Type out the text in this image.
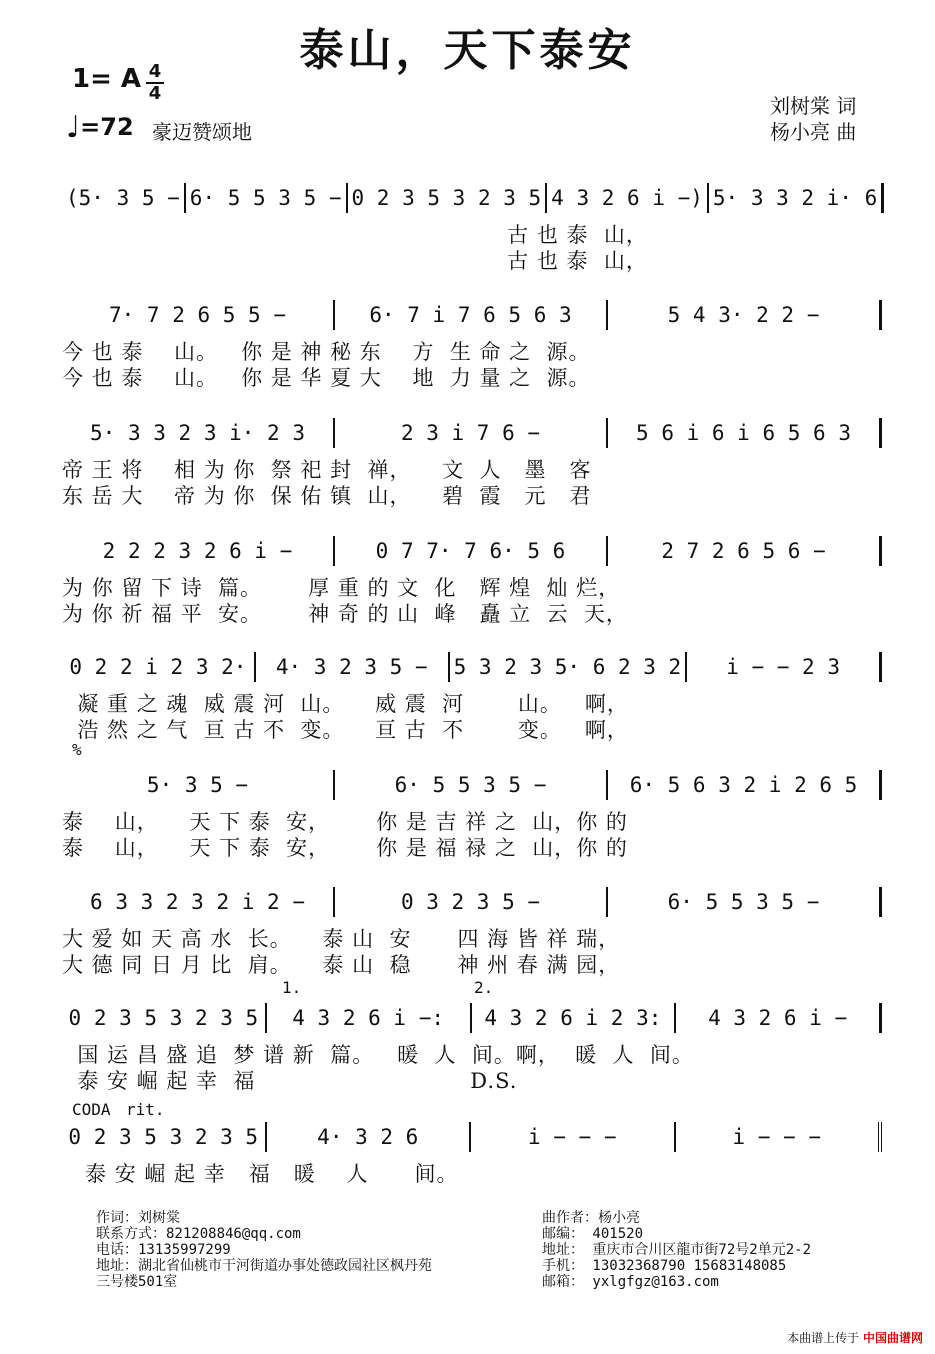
泰山，天下泰安
1= A 4
4
♩=72 豪迈赞颂地
刘树棠 词
杨小亮 曲
(5· 3 5 − 6· 5 5 3 5 − 0 2 3 5 3 2 3 5 4 3 2 6 i −) 5· 3 3 2 i· 6
古 也 泰  山，
古 也 泰  山，
7· 7 2 6 5 5 −	6· 7 i 7 6 5 6 3	5 4 3· 2 2 −
今 也 泰    山。   你 是 神 秘 东    方  生 命 之  源。
今 也 泰    山。   你 是 华 夏 大    地  力 量 之  源。
5· 3 3 2 3 i· 2 3	2 3 i 7 6 −	5 6 i 6 i 6 5 6 3
帝 王 将    相 为 你  祭 祀 封  禅，    文  人   墨   客
东 岳 大    帝 为 你  保 佑 镇  山，    碧  霞   元   君
2 2 2 3 2 6 i −	0 7 7· 7 6· 5 6	2 7 2 6 5 6 −
为 你 留 下 诗  篇。      厚 重 的 文  化   辉 煌  灿 烂，
为 你 祈 福 平  安。      神 奇 的 山  峰   矗 立  云  天，
0 2 2 i 2 3 2· 4· 3 2 3 5 − 5 3 2 3 5· 6 2 3 2 i − − 2 3
凝 重 之 魂  威 震 河  山。    威 震  河       山。   啊，
浩 然 之 气  亘 古 不  变。    亘 古  不       变。   啊，
5· 3 5 −	6· 5 5 3 5 −	6· 5 6 3 2 i 2 6 5
泰    山，    天 下 泰  安，      你 是 吉 祥 之  山，你 的
泰    山，    天 下 泰  安，      你 是 福 禄 之  山，你 的
6 3 3 2 3 2 i 2 −	0 3 2 3 5 −	6· 5 5 3 5 −
大 爱 如 天 高 水  长。    泰 山  安      四 海 皆 祥 瑞，
大 德 同 日 月 比  肩。    泰 山  稳      神 州 春 满 园，
0 2 3 5 3 2 3 5 4 3 2 6 i −: 4 3 2 6 i 2 3: 4 3 2 6 i −
国 运 昌 盛 追  梦 谱 新  篇。   暖  人  间。啊，  暖  人  间。
泰 安 崛 起 幸  福                            D.S.
0 2 3 5 3 2 3 5	4· 3 2 6	i − − −	i − − −
泰 安 崛 起 幸   福   暖    人      间。
%
CODA rit.
1.	2.
作词：刘树棠
联系方式：821208846@qq.com
电话：13135997299
地址：湖北省仙桃市干河街道办事处德政园社区枫丹苑
三号楼501室
曲作者：杨小亮
邮编： 401520
地址： 重庆市合川区龍市街72号2单元2-2
手机： 13032368790 15683148085
邮箱： yxlgfgz@163.com
本曲谱上传于 中国曲谱网
